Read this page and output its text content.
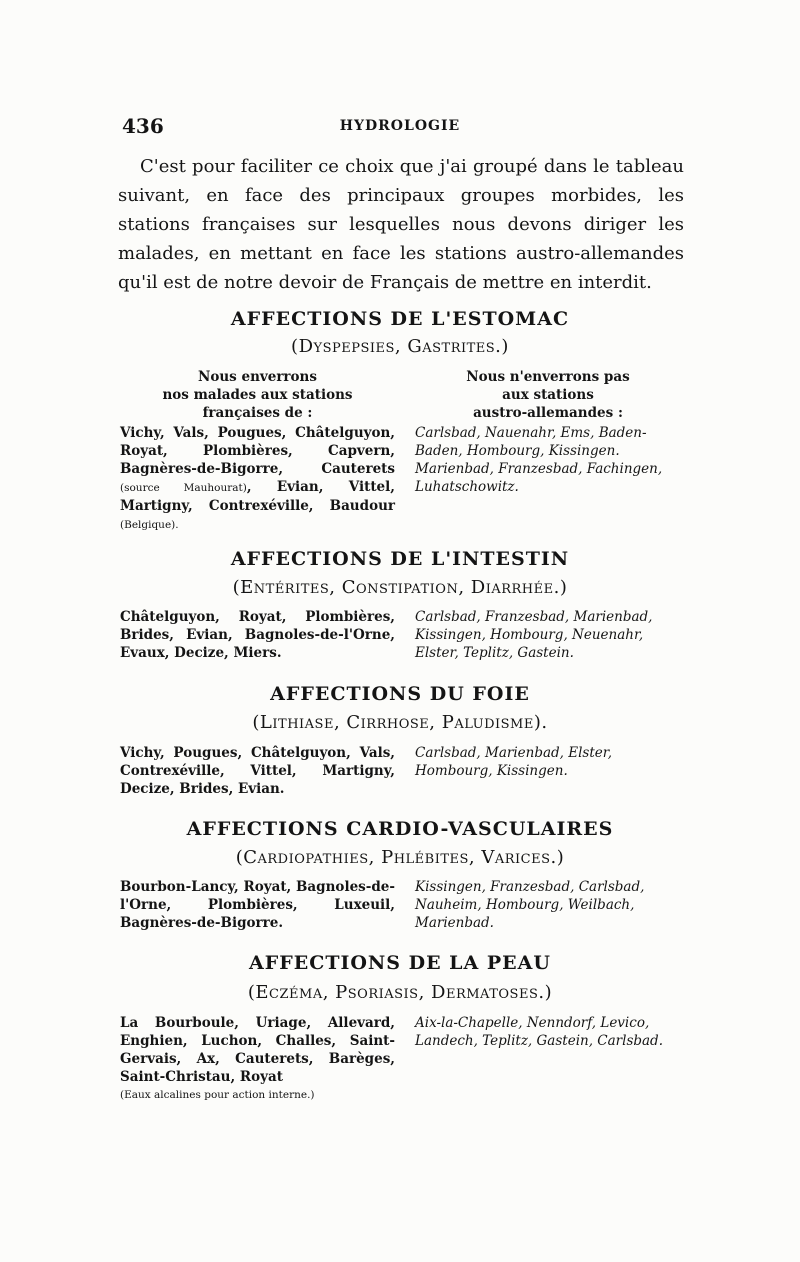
436	HYDROLOGIE

C'est pour faciliter ce choix que j'ai groupé dans le tableau suivant, en face des principaux groupes morbides, les stations françaises sur lesquelles nous devons diriger les malades, en mettant en face les stations austro-allemandes qu'il est de notre devoir de Français de mettre en interdit.

AFFECTIONS DE L'ESTOMAC
(Dyspepsies, Gastrites.)
Nous enverrons
nos malades aux stations
françaises de :
Vichy, Vals, Pougues, Châtelguyon, Royat, Plombières, Capvern, Bagnères-de-Bigorre, Cauterets (source Mauhourat), Evian, Vittel, Martigny, Contrexéville, Baudour (Belgique).
Nous n'enverrons pas
aux stations
austro-allemandes :
Carlsbad, Nauenahr, Ems, Baden-Baden, Hombourg, Kissingen. Marienbad, Franzesbad, Fachingen, Luhatschowitz.
AFFECTIONS DE L'INTESTIN
(Entérites, Constipation, Diarrhée.)
Châtelguyon, Royat, Plombières, Brides, Evian, Bagnoles-de-l'Orne, Evaux, Decize, Miers.
Carlsbad, Franzesbad, Marienbad, Kissingen, Hombourg, Neuenahr, Elster, Teplitz, Gastein.
AFFECTIONS DU FOIE
(Lithiase, Cirrhose, Paludisme).
Vichy, Pougues, Châtelguyon, Vals, Contrexéville, Vittel, Martigny, Decize, Brides, Evian.
Carlsbad, Marienbad, Elster, Hombourg, Kissingen.
AFFECTIONS CARDIO-VASCULAIRES
(Cardiopathies, Phlébites, Varices.)
Bourbon-Lancy, Royat, Bagnoles-de-l'Orne, Plombières, Luxeuil, Bagnères-de-Bigorre.
Kissingen, Franzesbad, Carlsbad, Nauheim, Hombourg, Weilbach, Marienbad.
AFFECTIONS DE LA PEAU
(Eczéma, Psoriasis, Dermatoses.)
La Bourboule, Uriage, Allevard, Enghien, Luchon, Challes, Saint-Gervais, Ax, Cauterets, Barèges, Saint-Christau, Royat
(Eaux alcalines pour action interne.)
Aix-la-Chapelle, Nenndorf, Levico, Landech, Teplitz, Gastein, Carlsbad.
